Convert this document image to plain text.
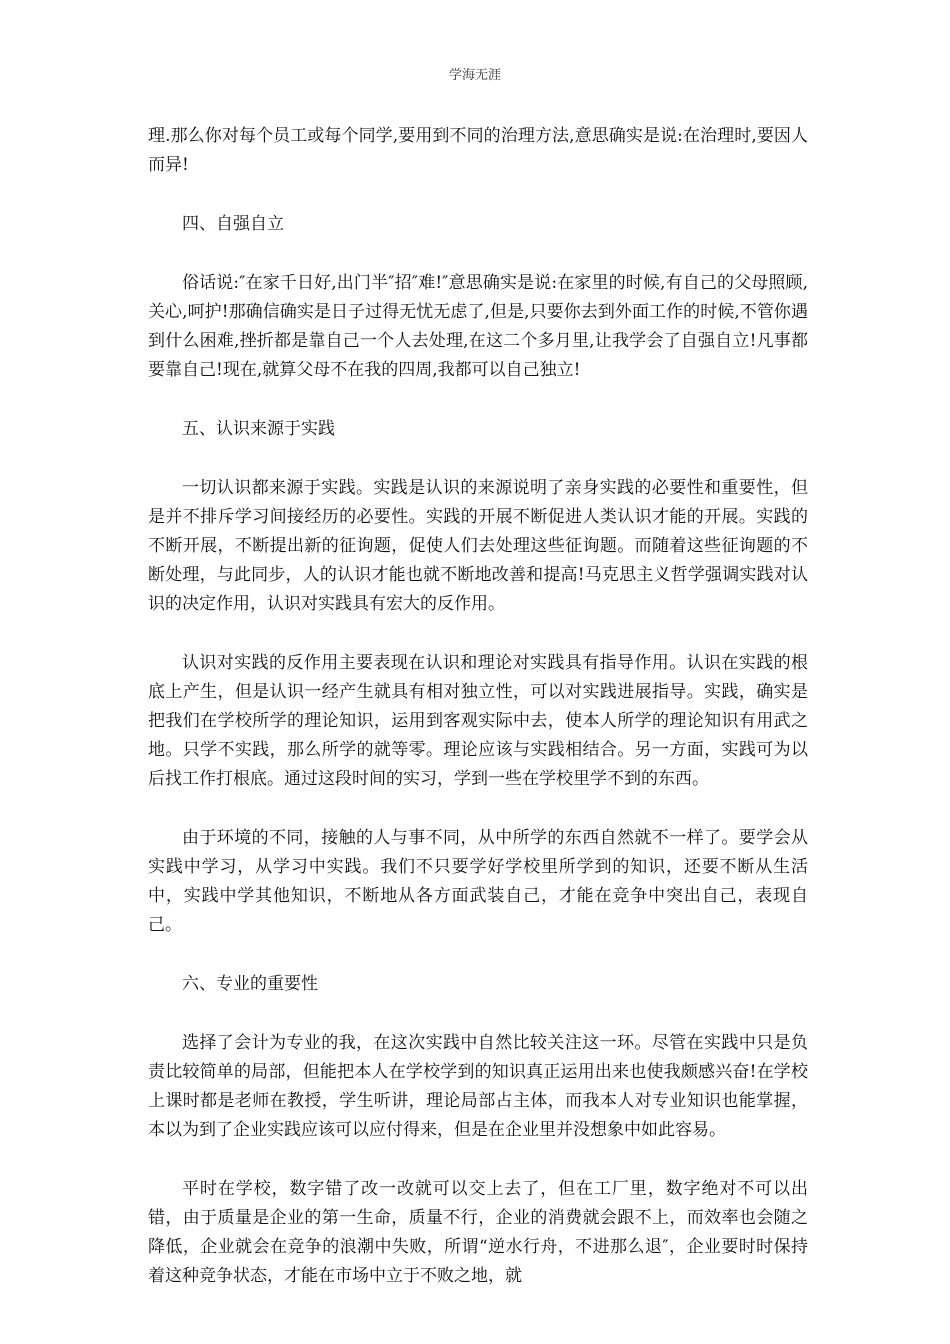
学海无涯

理.那么你对每个员工或每个同学,要用到不同的治理方法,意思确实是说:在治理时,要因人而异!

四、自强自立

俗话说:″在家千日好,出门半″招″难!″意思确实是说:在家里的时候,有自己的父母照顾,关心,呵护!那确信确实是日子过得无忧无虑了,但是,只要你去到外面工作的时候,不管你遇到什么困难,挫折都是靠自己一个人去处理,在这二个多月里,让我学会了自强自立!凡事都要靠自己!现在,就算父母不在我的四周,我都可以自己独立!

五、认识来源于实践

一切认识都来源于实践。实践是认识的来源说明了亲身实践的必要性和重要性，但是并不排斥学习间接经历的必要性。实践的开展不断促进人类认识才能的开展。实践的不断开展，不断提出新的征询题，促使人们去处理这些征询题。而随着这些征询题的不断处理，与此同步，人的认识才能也就不断地改善和提高!马克思主义哲学强调实践对认识的决定作用，认识对实践具有宏大的反作用。

认识对实践的反作用主要表现在认识和理论对实践具有指导作用。认识在实践的根底上产生，但是认识一经产生就具有相对独立性，可以对实践进展指导。实践，确实是把我们在学校所学的理论知识，运用到客观实际中去，使本人所学的理论知识有用武之地。只学不实践，那么所学的就等零。理论应该与实践相结合。另一方面，实践可为以后找工作打根底。通过这段时间的实习，学到一些在学校里学不到的东西。

由于环境的不同，接触的人与事不同，从中所学的东西自然就不一样了。要学会从实践中学习，从学习中实践。我们不只要学好学校里所学到的知识，还要不断从生活中，实践中学其他知识，不断地从各方面武装自己，才能在竞争中突出自己，表现自己。

六、专业的重要性

选择了会计为专业的我，在这次实践中自然比较关注这一环。尽管在实践中只是负责比较简单的局部，但能把本人在学校学到的知识真正运用出来也使我颇感兴奋!在学校上课时都是老师在教授，学生听讲，理论局部占主体，而我本人对专业知识也能掌握，本以为到了企业实践应该可以应付得来，但是在企业里并没想象中如此容易。

平时在学校，数字错了改一改就可以交上去了，但在工厂里，数字绝对不可以出错，由于质量是企业的第一生命，质量不行，企业的消费就会跟不上，而效率也会随之降低，企业就会在竞争的浪潮中失败，所谓“逆水行舟，不进那么退″，企业要时时保持着这种竞争状态，才能在市场中立于不败之地，就
